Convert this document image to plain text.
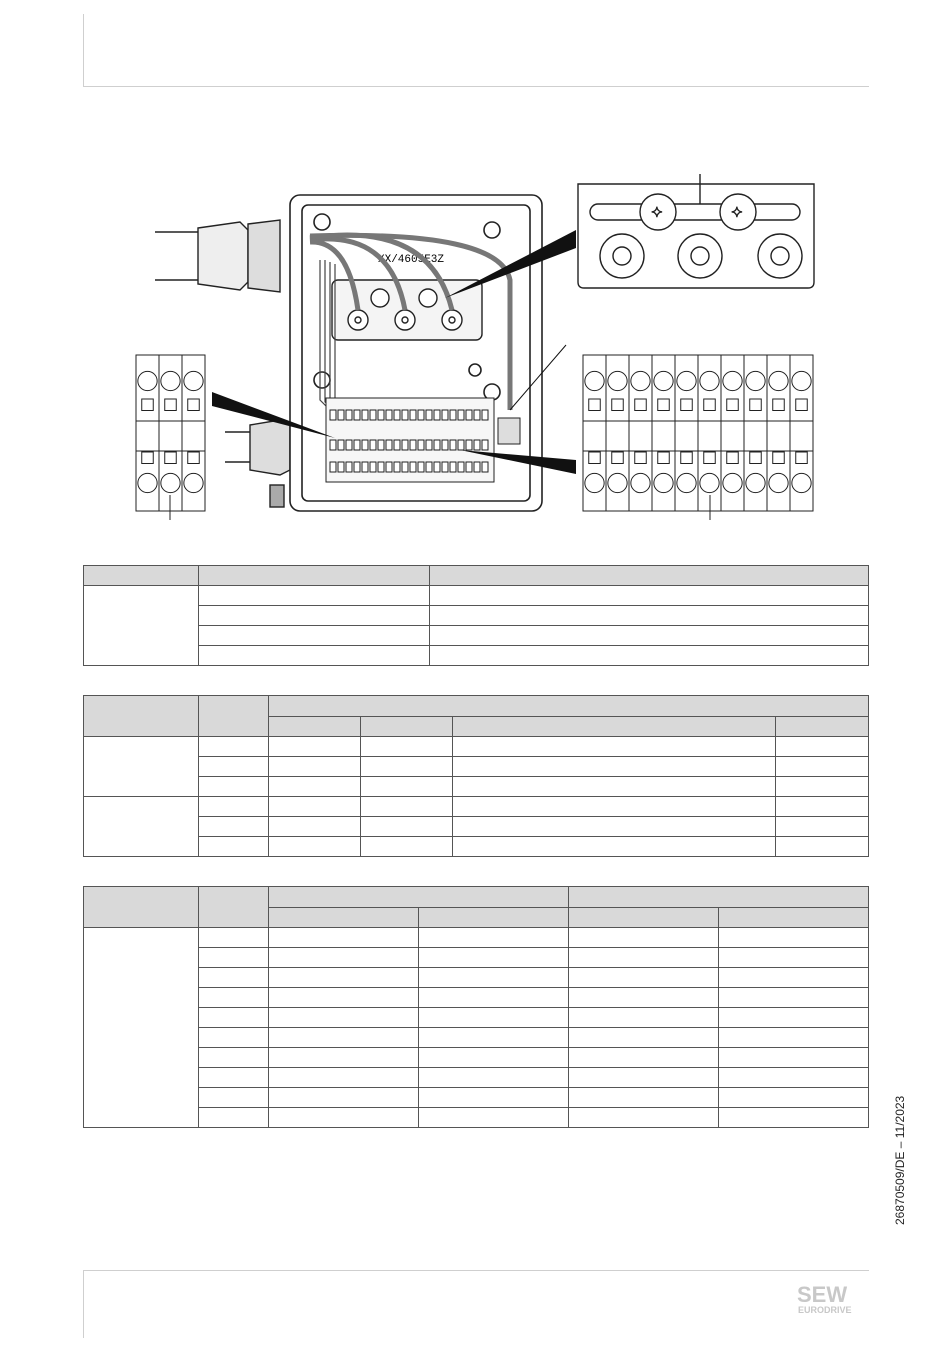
XX/4605E3Z
✦	✦

26870509/DE – 11/2023
SEW
EURODRIVE
